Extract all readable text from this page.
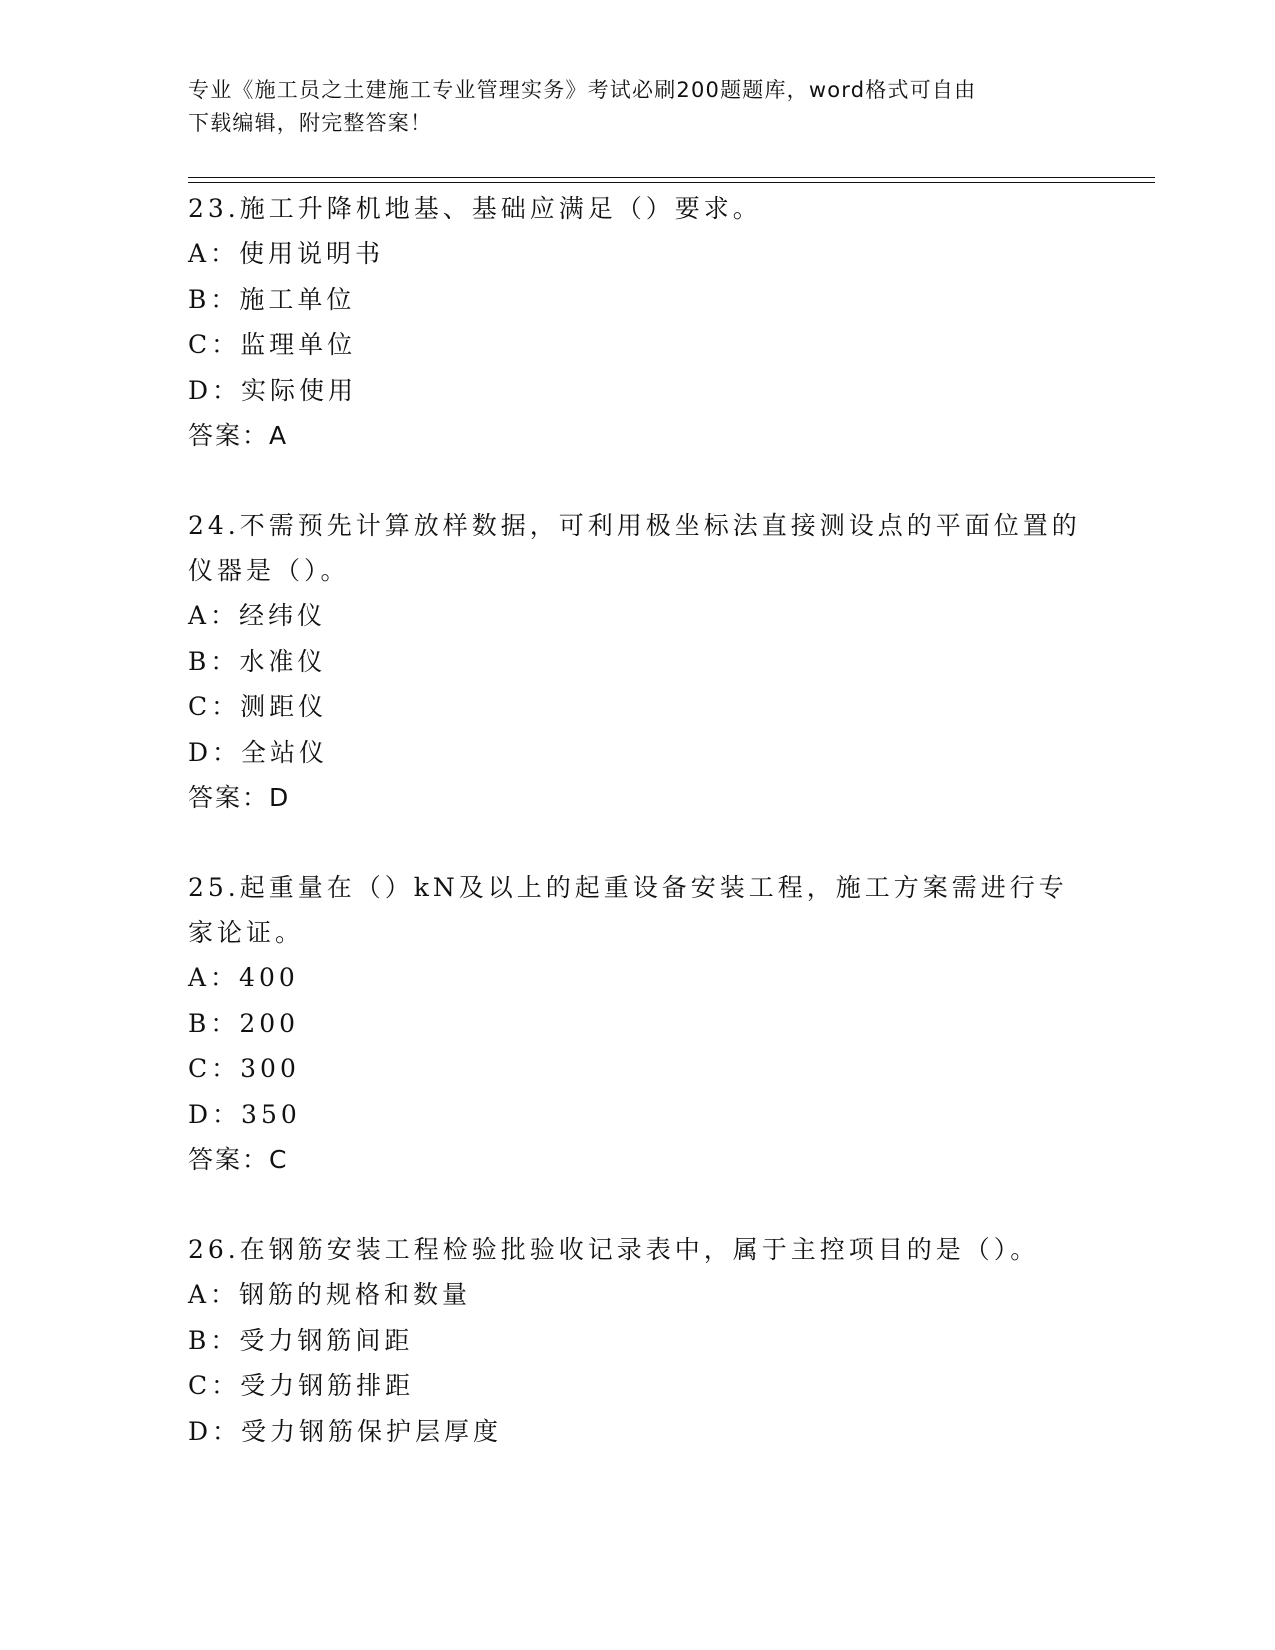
专业《施工员之土建施工专业管理实务》考试必刷200题题库，word格式可自由
下载编辑，附完整答案！

23.施工升降机地基、基础应满足（）要求。

A：使用说明书
B：施工单位
C：监理单位
D：实际使用
答案：A

24.不需预先计算放样数据，可利用极坐标法直接测设点的平面位置的仪器是（）。

A：经纬仪
B：水准仪
C：测距仪
D：全站仪
答案：D

25.起重量在（）kN及以上的起重设备安装工程，施工方案需进行专家论证。

A：400
B：200
C：300
D：350
答案：C

26.在钢筋安装工程检验批验收记录表中，属于主控项目的是（）。

A：钢筋的规格和数量
B：受力钢筋间距
C：受力钢筋排距
D：受力钢筋保护层厚度
